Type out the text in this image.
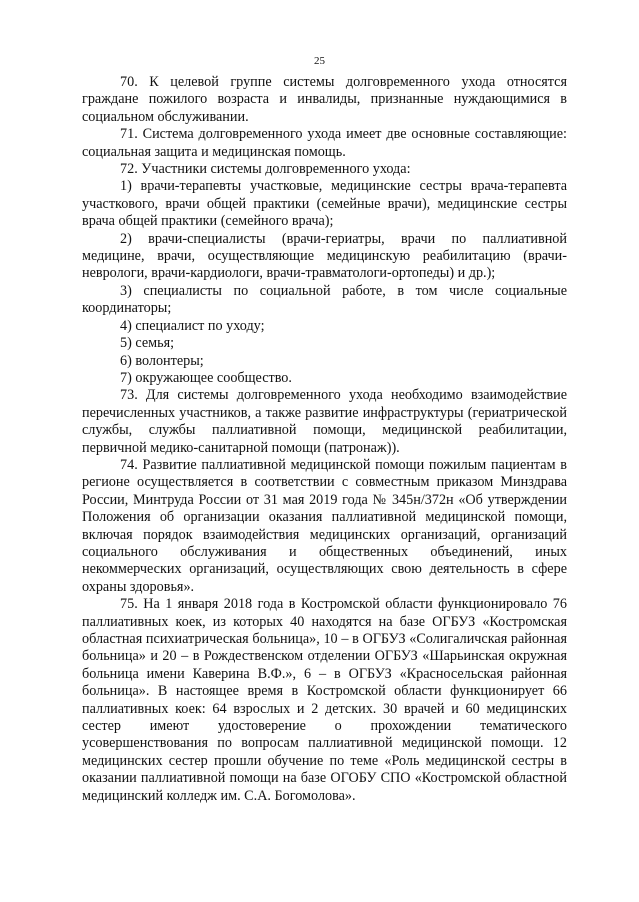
25

70. К целевой группе системы долговременного ухода относятся граждане пожилого возраста и инвалиды, признанные нуждающимися в социальном обслуживании.

71. Система долговременного ухода имеет две основные составляющие: социальная защита и медицинская помощь.

72. Участники системы долговременного ухода:

1) врачи-терапевты участковые, медицинские сестры врача-терапевта участкового, врачи общей практики (семейные врачи), медицинские сестры врача общей практики (семейного врача);

2) врачи-специалисты (врачи-гериатры, врачи по паллиативной медицине, врачи, осуществляющие медицинскую реабилитацию (врачи-неврологи, врачи-кардиологи, врачи-травматологи-ортопеды) и др.);

3) специалисты по социальной работе, в том числе социальные координаторы;

4) специалист по уходу;

5) семья;

6) волонтеры;

7) окружающее сообщество.

73. Для системы долговременного ухода необходимо взаимодействие перечисленных участников, а также развитие инфраструктуры (гериатрической службы, службы паллиативной помощи, медицинской реабилитации, первичной медико-санитарной помощи (патронаж)).

74. Развитие паллиативной медицинской помощи пожилым пациентам в регионе осуществляется в соответствии с совместным приказом Минздрава России, Минтруда России от 31 мая 2019 года № 345н/372н «Об утверждении Положения об организации оказания паллиативной медицинской помощи, включая порядок взаимодействия медицинских организаций, организаций социального обслуживания и общественных объединений, иных некоммерческих организаций, осуществляющих свою деятельность в сфере охраны здоровья».

75. На 1 января 2018 года в Костромской области функционировало 76 паллиативных коек, из которых 40 находятся на базе ОГБУЗ «Костромская областная психиатрическая больница», 10 – в ОГБУЗ «Солигаличская районная больница» и 20 – в Рождественском отделении ОГБУЗ «Шарьинская окружная больница имени Каверина В.Ф.», 6 – в ОГБУЗ «Красносельская районная больница». В настоящее время в Костромской области функционирует 66 паллиативных коек: 64 взрослых и 2 детских. 30 врачей и 60 медицинских сестер имеют удостоверение о прохождении тематического усовершенствования по вопросам паллиативной медицинской помощи. 12 медицинских сестер прошли обучение по теме «Роль медицинской сестры в оказании паллиативной помощи на базе ОГОБУ СПО «Костромской областной медицинский колледж им. С.А. Богомолова».
